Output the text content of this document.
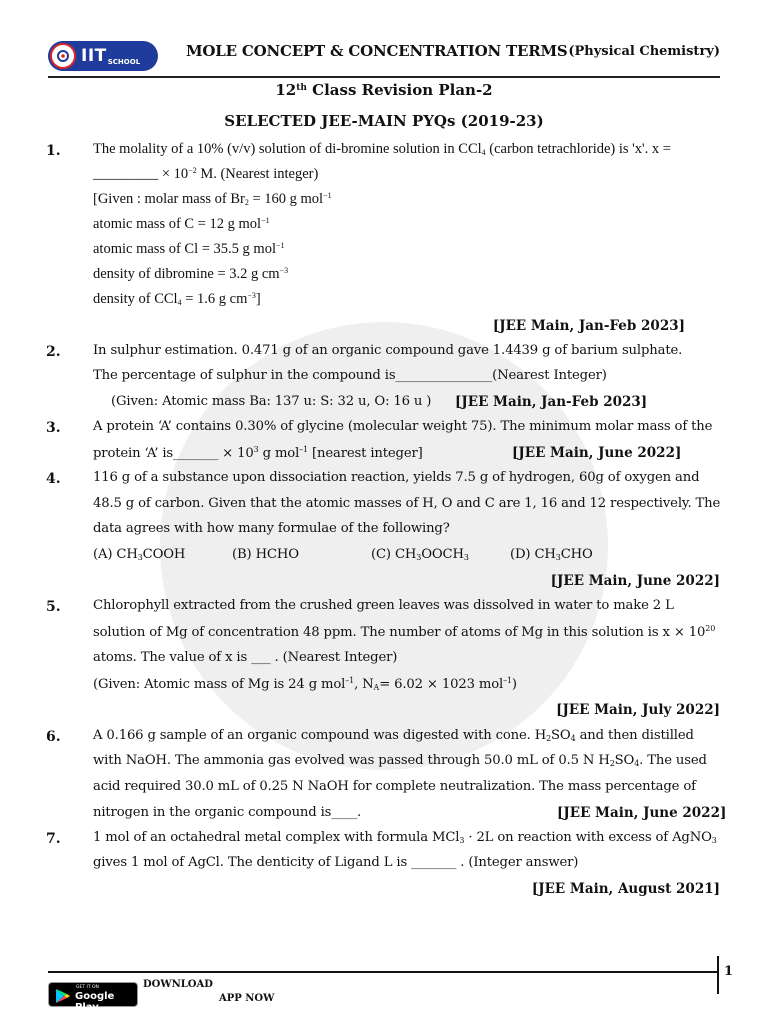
IITSCHOOL
MOLE CONCEPT & CONCENTRATION TERMS (Physical Chemistry)
12th Class Revision Plan-2
SELECTED JEE-MAIN PYQs (2019-23)
1. The molality of a 10% (v/v) solution of di-bromine solution in CCl$_4$ (carbon tetrachloride) is 'x'. x =
_________ × $10^{-2}$ M. (Nearest integer)
[Given : molar mass of $Br_2 = 160$ g mol$^{-1}$
atomic mass of C = 12 g mol$^{-1}$
atomic mass of Cl = 35.5 g mol$^{-1}$
density of dibromine = 3.2 g $cm^{-3}$
density of CCl$_4$ = 1.6 g $cm^{-3}$]
[JEE Main, Jan-Feb 2023]
2. In sulphur estimation. 0.471 g of an organic compound gave 1.4439 g of barium sulphate.
The percentage of sulphur in the compound is_______________(Nearest Integer)
(Given: Atomic mass Ba: 137 u: S: 32 u, O: 16 u ) [JEE Main, Jan-Feb 2023]
3. A protein ‘A’ contains 0.30% of glycine (molecular weight 75). The minimum molar mass of the
protein ‘A’ is_______ × $10^3$ g mol$^{-1}$ [nearest integer]	[JEE Main, June 2022]
4. 116 g of a substance upon dissociation reaction, yields 7.5 g of hydrogen, 60g of oxygen and
48.5 g of carbon. Given that the atomic masses of H, O and C are 1, 16 and 12 respectively. The
data agrees with how many formulae of the following?
(A) $CH_3COOH$	(B) HCHO	(C) $CH_3OOCH_3$	(D) $CH_3CHO$
[JEE Main, June 2022]
5. Chlorophyll extracted from the crushed green leaves was dissolved in water to make 2 L
solution of Mg of concentration 48 ppm. The number of atoms of Mg in this solution is $x \times 10^{20}$
atoms. The value of x is ___ . (Nearest Integer)
(Given: Atomic mass of Mg is 24 g mol$^{-1}$, $N_A= 6.02 \times 1023$ mol$^{-1}$)
[JEE Main, July 2022]
6. A 0.166 g sample of an organic compound was digested with cone. $H_2SO_4$ and then distilled
with NaOH. The ammonia gas evolved was passed through 50.0 mL of 0.5 N $H_2SO_4$. The used
acid required 30.0 mL of 0.25 N NaOH for complete neutralization. The mass percentage of
nitrogen in the organic compound is____.	[JEE Main, June 2022]
7. 1 mol of an octahedral metal complex with formula MCl$_3$ · 2L on reaction with excess of AgNO$_3$
gives 1 mol of AgCl. The denticity of Ligand L is _______ . (Integer answer)
[JEE Main, August 2021]
1
GET IT ON
Google Play
DOWNLOAD
APP NOW
